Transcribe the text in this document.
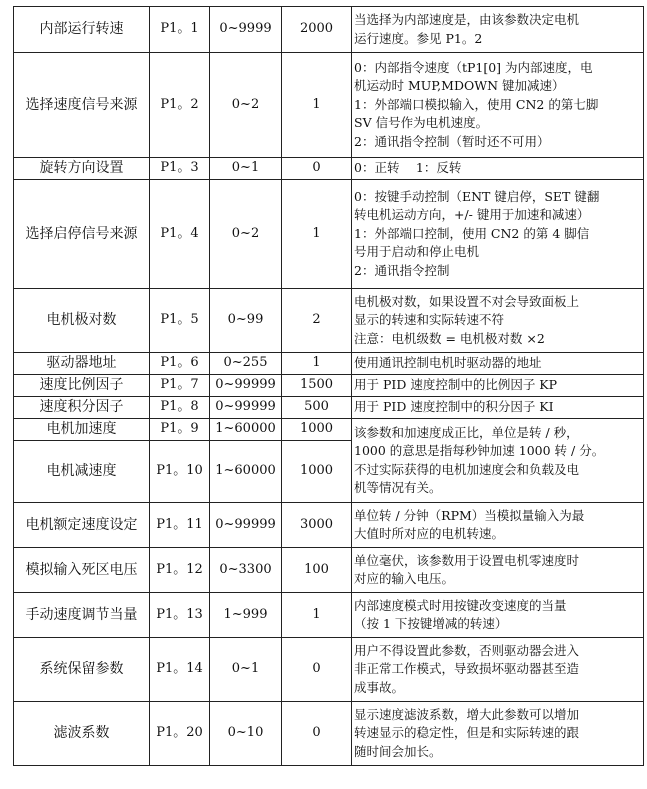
内部运行转速	P1。1	0~9999	2000	当选择为内部速度是，由该参数决定电机
运行速度。参见 P1。2

选择速度信号来源	P1。2	0~2	1	0：内部指令速度（tP1[0] 为内部速度，电
机运动时 MUP,MDOWN 键加减速）
1：外部端口模拟输入，使用 CN2 的第七脚
SV 信号作为电机速度。
2：通讯指令控制（暂时还不可用）

旋转方向设置	P1。3	0~1	0	0：正转　 1：反转

选择启停信号来源	P1。4	0~2	1	0：按键手动控制（ENT 键启停，SET 键翻
转电机运动方向，+/- 键用于加速和减速）
1：外部端口控制，使用 CN2 的第 4 脚信
号用于启动和停止电机
2：通讯指令控制

电机极对数	P1。5	0~99	2	电机极对数，如果设置不对会导致面板上
显示的转速和实际转速不符
注意：电机级数 = 电机极对数 ×2

驱动器地址	P1。6	0~255	1	使用通讯控制电机时驱动器的地址

速度比例因子	P1。7	0~99999	1500	用于 PID 速度控制中的比例因子 KP

速度积分因子	P1。8	0~99999	500	用于 PID 速度控制中的积分因子 KI

电机加速度	P1。9	1~60000	1000	该参数和加速度成正比，单位是转 / 秒，
1000 的意思是指每秒钟加速 1000 转 / 分。
不过实际获得的电机加速度会和负载及电
机等情况有关。

电机减速度	P1。10	1~60000	1000	
电机额定速度设定	P1。11	0~99999	3000	单位转 / 分钟（RPM）当模拟量输入为最
大值时所对应的电机转速。

模拟输入死区电压	P1。12	0~3300	100	单位毫伏，该参数用于设置电机零速度时
对应的输入电压。

手动速度调节当量	P1。13	1~999	1	内部速度模式时用按键改变速度的当量
（按 1 下按键增减的转速）

系统保留参数	P1。14	0~1	0	用户不得设置此参数，否则驱动器会进入
非正常工作模式，导致损坏驱动器甚至造
成事故。

滤波系数	P1。20	0~10	0	显示速度滤波系数，增大此参数可以增加
转速显示的稳定性，但是和实际转速的跟
随时间会加长。
